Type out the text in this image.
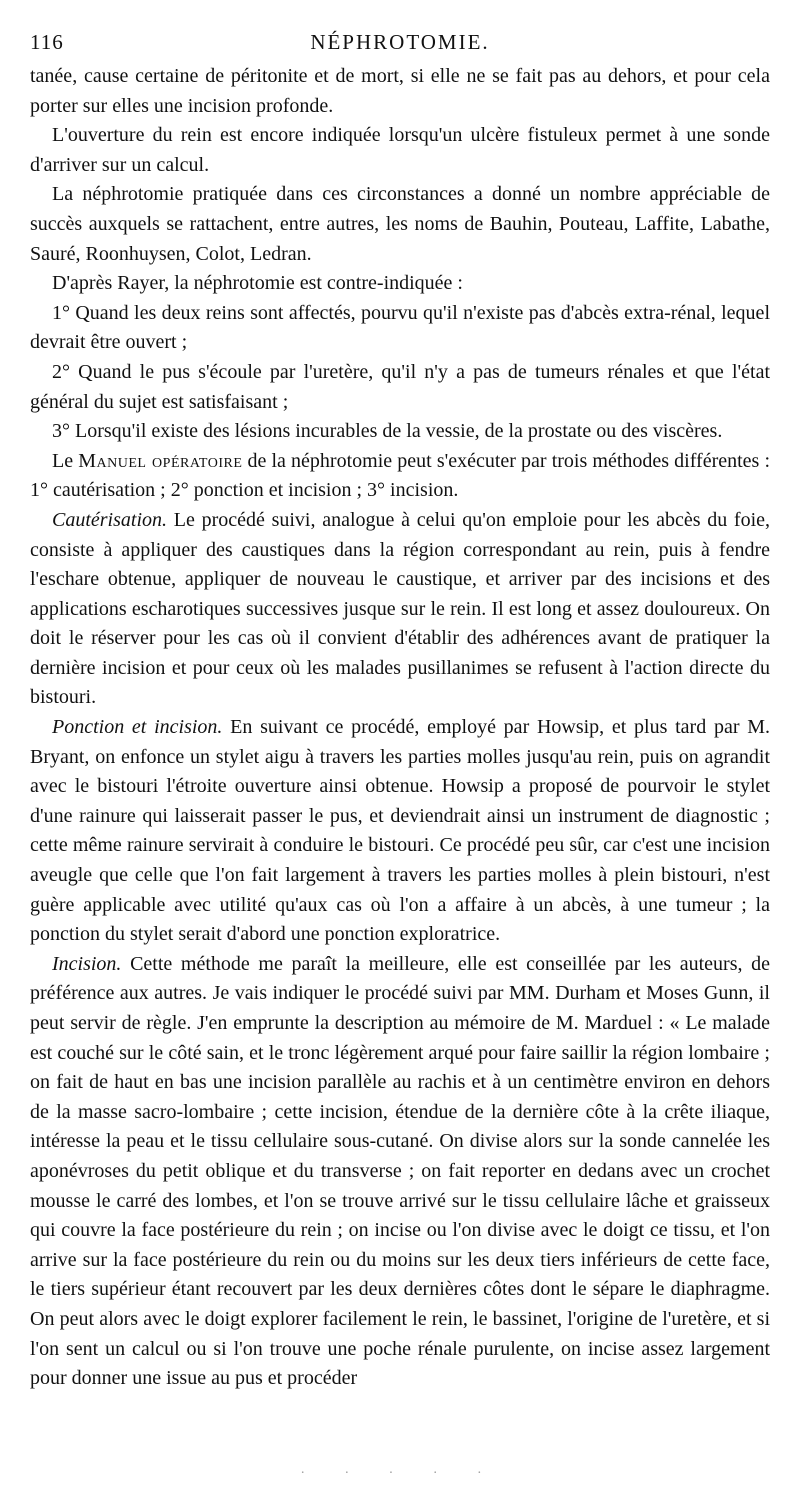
116	NÉPHROTOMIE.

tanée, cause certaine de péritonite et de mort, si elle ne se fait pas au dehors, et pour cela porter sur elles une incision profonde.

L'ouverture du rein est encore indiquée lorsqu'un ulcère fistuleux permet à une sonde d'arriver sur un calcul.

La néphrotomie pratiquée dans ces circonstances a donné un nombre appréciable de succès auxquels se rattachent, entre autres, les noms de Bauhin, Pouteau, Laffite, Labathe, Sauré, Roonhuysen, Colot, Ledran.

D'après Rayer, la néphrotomie est contre-indiquée :

1° Quand les deux reins sont affectés, pourvu qu'il n'existe pas d'abcès extra-rénal, lequel devrait être ouvert ;

2° Quand le pus s'écoule par l'uretère, qu'il n'y a pas de tumeurs rénales et que l'état général du sujet est satisfaisant ;

3° Lorsqu'il existe des lésions incurables de la vessie, de la prostate ou des viscères.

Le Manuel opératoire de la néphrotomie peut s'exécuter par trois méthodes différentes : 1° cautérisation ; 2° ponction et incision ; 3° incision.

Cautérisation. Le procédé suivi, analogue à celui qu'on emploie pour les abcès du foie, consiste à appliquer des caustiques dans la région correspondant au rein, puis à fendre l'eschare obtenue, appliquer de nouveau le caustique, et arriver par des incisions et des applications escharotiques successives jusque sur le rein. Il est long et assez douloureux. On doit le réserver pour les cas où il convient d'établir des adhérences avant de pratiquer la dernière incision et pour ceux où les malades pusillanimes se refusent à l'action directe du bistouri.

Ponction et incision. En suivant ce procédé, employé par Howsip, et plus tard par M. Bryant, on enfonce un stylet aigu à travers les parties molles jusqu'au rein, puis on agrandit avec le bistouri l'étroite ouverture ainsi obtenue. Howsip a proposé de pourvoir le stylet d'une rainure qui laisserait passer le pus, et deviendrait ainsi un instrument de diagnostic ; cette même rainure servirait à conduire le bistouri. Ce procédé peu sûr, car c'est une incision aveugle que celle que l'on fait largement à travers les parties molles à plein bistouri, n'est guère applicable avec utilité qu'aux cas où l'on a affaire à un abcès, à une tumeur ; la ponction du stylet serait d'abord une ponction exploratrice.

Incision. Cette méthode me paraît la meilleure, elle est conseillée par les auteurs, de préférence aux autres. Je vais indiquer le procédé suivi par MM. Durham et Moses Gunn, il peut servir de règle. J'en emprunte la description au mémoire de M. Marduel : « Le malade est couché sur le côté sain, et le tronc légèrement arqué pour faire saillir la région lombaire ; on fait de haut en bas une incision parallèle au rachis et à un centimètre environ en dehors de la masse sacro-lombaire ; cette incision, étendue de la dernière côte à la crête iliaque, intéresse la peau et le tissu cellulaire sous-cutané. On divise alors sur la sonde cannelée les aponévroses du petit oblique et du transverse ; on fait reporter en dedans avec un crochet mousse le carré des lombes, et l'on se trouve arrivé sur le tissu cellulaire lâche et graisseux qui couvre la face postérieure du rein ; on incise ou l'on divise avec le doigt ce tissu, et l'on arrive sur la face postérieure du rein ou du moins sur les deux tiers inférieurs de cette face, le tiers supérieur étant recouvert par les deux dernières côtes dont le sépare le diaphragme. On peut alors avec le doigt explorer facilement le rein, le bassinet, l'origine de l'uretère, et si l'on sent un calcul ou si l'on trouve une poche rénale purulente, on incise assez largement pour donner une issue au pus et procéder

· · · · ·
